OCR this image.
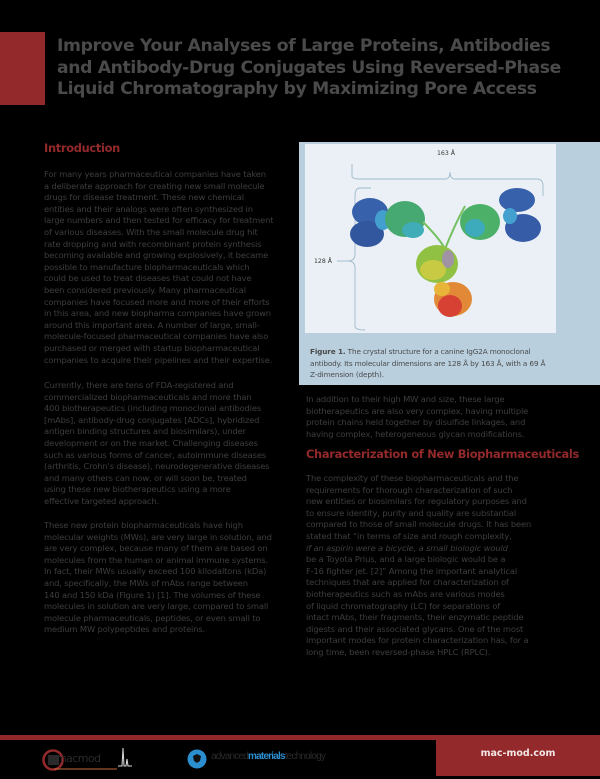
Improve Your Analyses of Large Proteins, Antibodies
and Antibody-Drug Conjugates Using Reversed-Phase
Liquid Chromatography by Maximizing Pore Access
Introduction
For many years pharmaceutical companies have taken
a deliberate approach for creating new small molecule
drugs for disease treatment. These new chemical
entities and their analogs were often synthesized in
large numbers and then tested for efficacy for treatment
of various diseases. With the small molecule drug hit
rate dropping and with recombinant protein synthesis
becoming available and growing explosively, it became
possible to manufacture biopharmaceuticals which
could be used to treat diseases that could not have
been considered previously. Many pharmaceutical
companies have focused more and more of their efforts
in this area, and new biopharma companies have grown
around this important area. A number of large, small-
molecule-focused pharmaceutical companies have also
purchased or merged with startup biopharmaceutical
companies to acquire their pipelines and their expertise.
Currently, there are tens of FDA-registered and
commercialized biopharmaceuticals and more than
400 biotherapeutics (including monoclonal antibodies
[mAbs], antibody-drug conjugates [ADCs], hybridized
antigen binding structures and biosimilars), under
development or on the market. Challenging diseases
such as various forms of cancer, autoimmune diseases
(arthritis, Crohn's disease), neurodegenerative diseases
and many others can now, or will soon be, treated
using these new biotherapeutics using a more
effective targeted approach.
These new protein biopharmaceuticals have high
molecular weights (MWs), are very large in solution, and
are very complex, because many of them are based on
molecules from the human or animal immune systems.
In fact, their MWs usually exceed 100 kilodaltons (kDa)
and, specifically, the MWs of mAbs range between
140 and 150 kDa (Figure 1) [1]. The volumes of these
molecules in solution are very large, compared to small
molecule pharmaceuticals, peptides, or even small to
medium MW polypeptides and proteins.
163 Å
128 Å
Figure 1. The crystal structure for a canine IgG2A monoclonal
antibody. Its molecular dimensions are 128 Å by 163 Å, with a 69 Å
Z-dimension (depth).
In addition to their high MW and size, these large
biotherapeutics are also very complex, having multiple
protein chains held together by disulfide linkages, and
having complex, heterogeneous glycan modifications.
Characterization of New Biopharmaceuticals
The complexity of these biopharmaceuticals and the
requirements for thorough characterization of such
new entities or biosimilars for regulatory purposes and
to ensure identity, purity and quality are substantial
compared to those of small molecule drugs. It has been
stated that “in terms of size and rough complexity,
if an aspirin were a bicycle, a small biologic would
be a Toyota Prius, and a large biologic would be a
F-16 fighter jet. [2]” Among the important analytical
techniques that are applied for characterization of
biotherapeutics such as mAbs are various modes
of liquid chromatography (LC) for separations of
intact mAbs, their fragments, their enzymatic peptide
digests and their associated glycans. One of the most
important modes for protein characterization has, for a
long time, been reversed-phase HPLC (RPLC).
mac-mod.com
macmod	advancedmaterialstechnology
